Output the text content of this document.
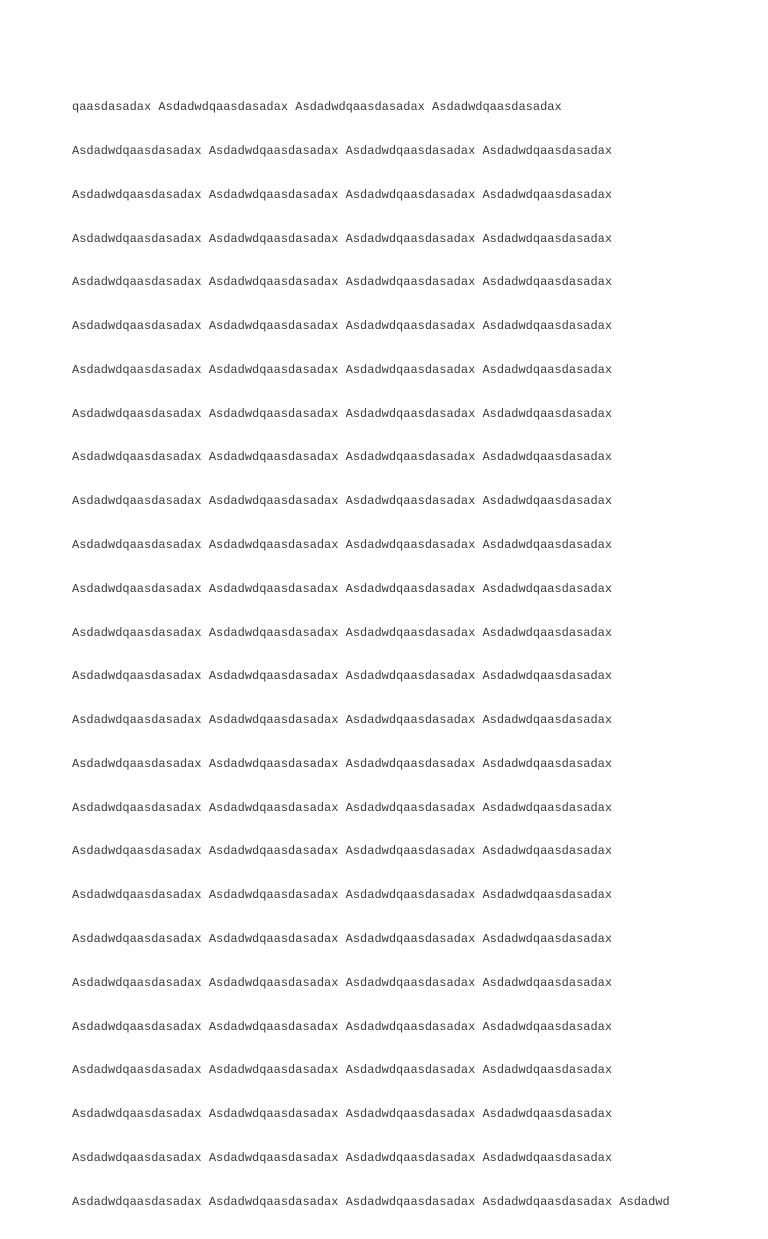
qaasdasadax Asdadwdqaasdasadax Asdadwdqaasdasadax Asdadwdqaasdasadax

Asdadwdqaasdasadax Asdadwdqaasdasadax Asdadwdqaasdasadax Asdadwdqaasdasadax

Asdadwdqaasdasadax Asdadwdqaasdasadax Asdadwdqaasdasadax Asdadwdqaasdasadax

Asdadwdqaasdasadax Asdadwdqaasdasadax Asdadwdqaasdasadax Asdadwdqaasdasadax

Asdadwdqaasdasadax Asdadwdqaasdasadax Asdadwdqaasdasadax Asdadwdqaasdasadax

Asdadwdqaasdasadax Asdadwdqaasdasadax Asdadwdqaasdasadax Asdadwdqaasdasadax

Asdadwdqaasdasadax Asdadwdqaasdasadax Asdadwdqaasdasadax Asdadwdqaasdasadax

Asdadwdqaasdasadax Asdadwdqaasdasadax Asdadwdqaasdasadax Asdadwdqaasdasadax

Asdadwdqaasdasadax Asdadwdqaasdasadax Asdadwdqaasdasadax Asdadwdqaasdasadax

Asdadwdqaasdasadax Asdadwdqaasdasadax Asdadwdqaasdasadax Asdadwdqaasdasadax

Asdadwdqaasdasadax Asdadwdqaasdasadax Asdadwdqaasdasadax Asdadwdqaasdasadax

Asdadwdqaasdasadax Asdadwdqaasdasadax Asdadwdqaasdasadax Asdadwdqaasdasadax

Asdadwdqaasdasadax Asdadwdqaasdasadax Asdadwdqaasdasadax Asdadwdqaasdasadax

Asdadwdqaasdasadax Asdadwdqaasdasadax Asdadwdqaasdasadax Asdadwdqaasdasadax

Asdadwdqaasdasadax Asdadwdqaasdasadax Asdadwdqaasdasadax Asdadwdqaasdasadax

Asdadwdqaasdasadax Asdadwdqaasdasadax Asdadwdqaasdasadax Asdadwdqaasdasadax

Asdadwdqaasdasadax Asdadwdqaasdasadax Asdadwdqaasdasadax Asdadwdqaasdasadax

Asdadwdqaasdasadax Asdadwdqaasdasadax Asdadwdqaasdasadax Asdadwdqaasdasadax

Asdadwdqaasdasadax Asdadwdqaasdasadax Asdadwdqaasdasadax Asdadwdqaasdasadax

Asdadwdqaasdasadax Asdadwdqaasdasadax Asdadwdqaasdasadax Asdadwdqaasdasadax

Asdadwdqaasdasadax Asdadwdqaasdasadax Asdadwdqaasdasadax Asdadwdqaasdasadax

Asdadwdqaasdasadax Asdadwdqaasdasadax Asdadwdqaasdasadax Asdadwdqaasdasadax

Asdadwdqaasdasadax Asdadwdqaasdasadax Asdadwdqaasdasadax Asdadwdqaasdasadax

Asdadwdqaasdasadax Asdadwdqaasdasadax Asdadwdqaasdasadax Asdadwdqaasdasadax

Asdadwdqaasdasadax Asdadwdqaasdasadax Asdadwdqaasdasadax Asdadwdqaasdasadax

Asdadwdqaasdasadax Asdadwdqaasdasadax Asdadwdqaasdasadax Asdadwdqaasdasadax Asdadwd
